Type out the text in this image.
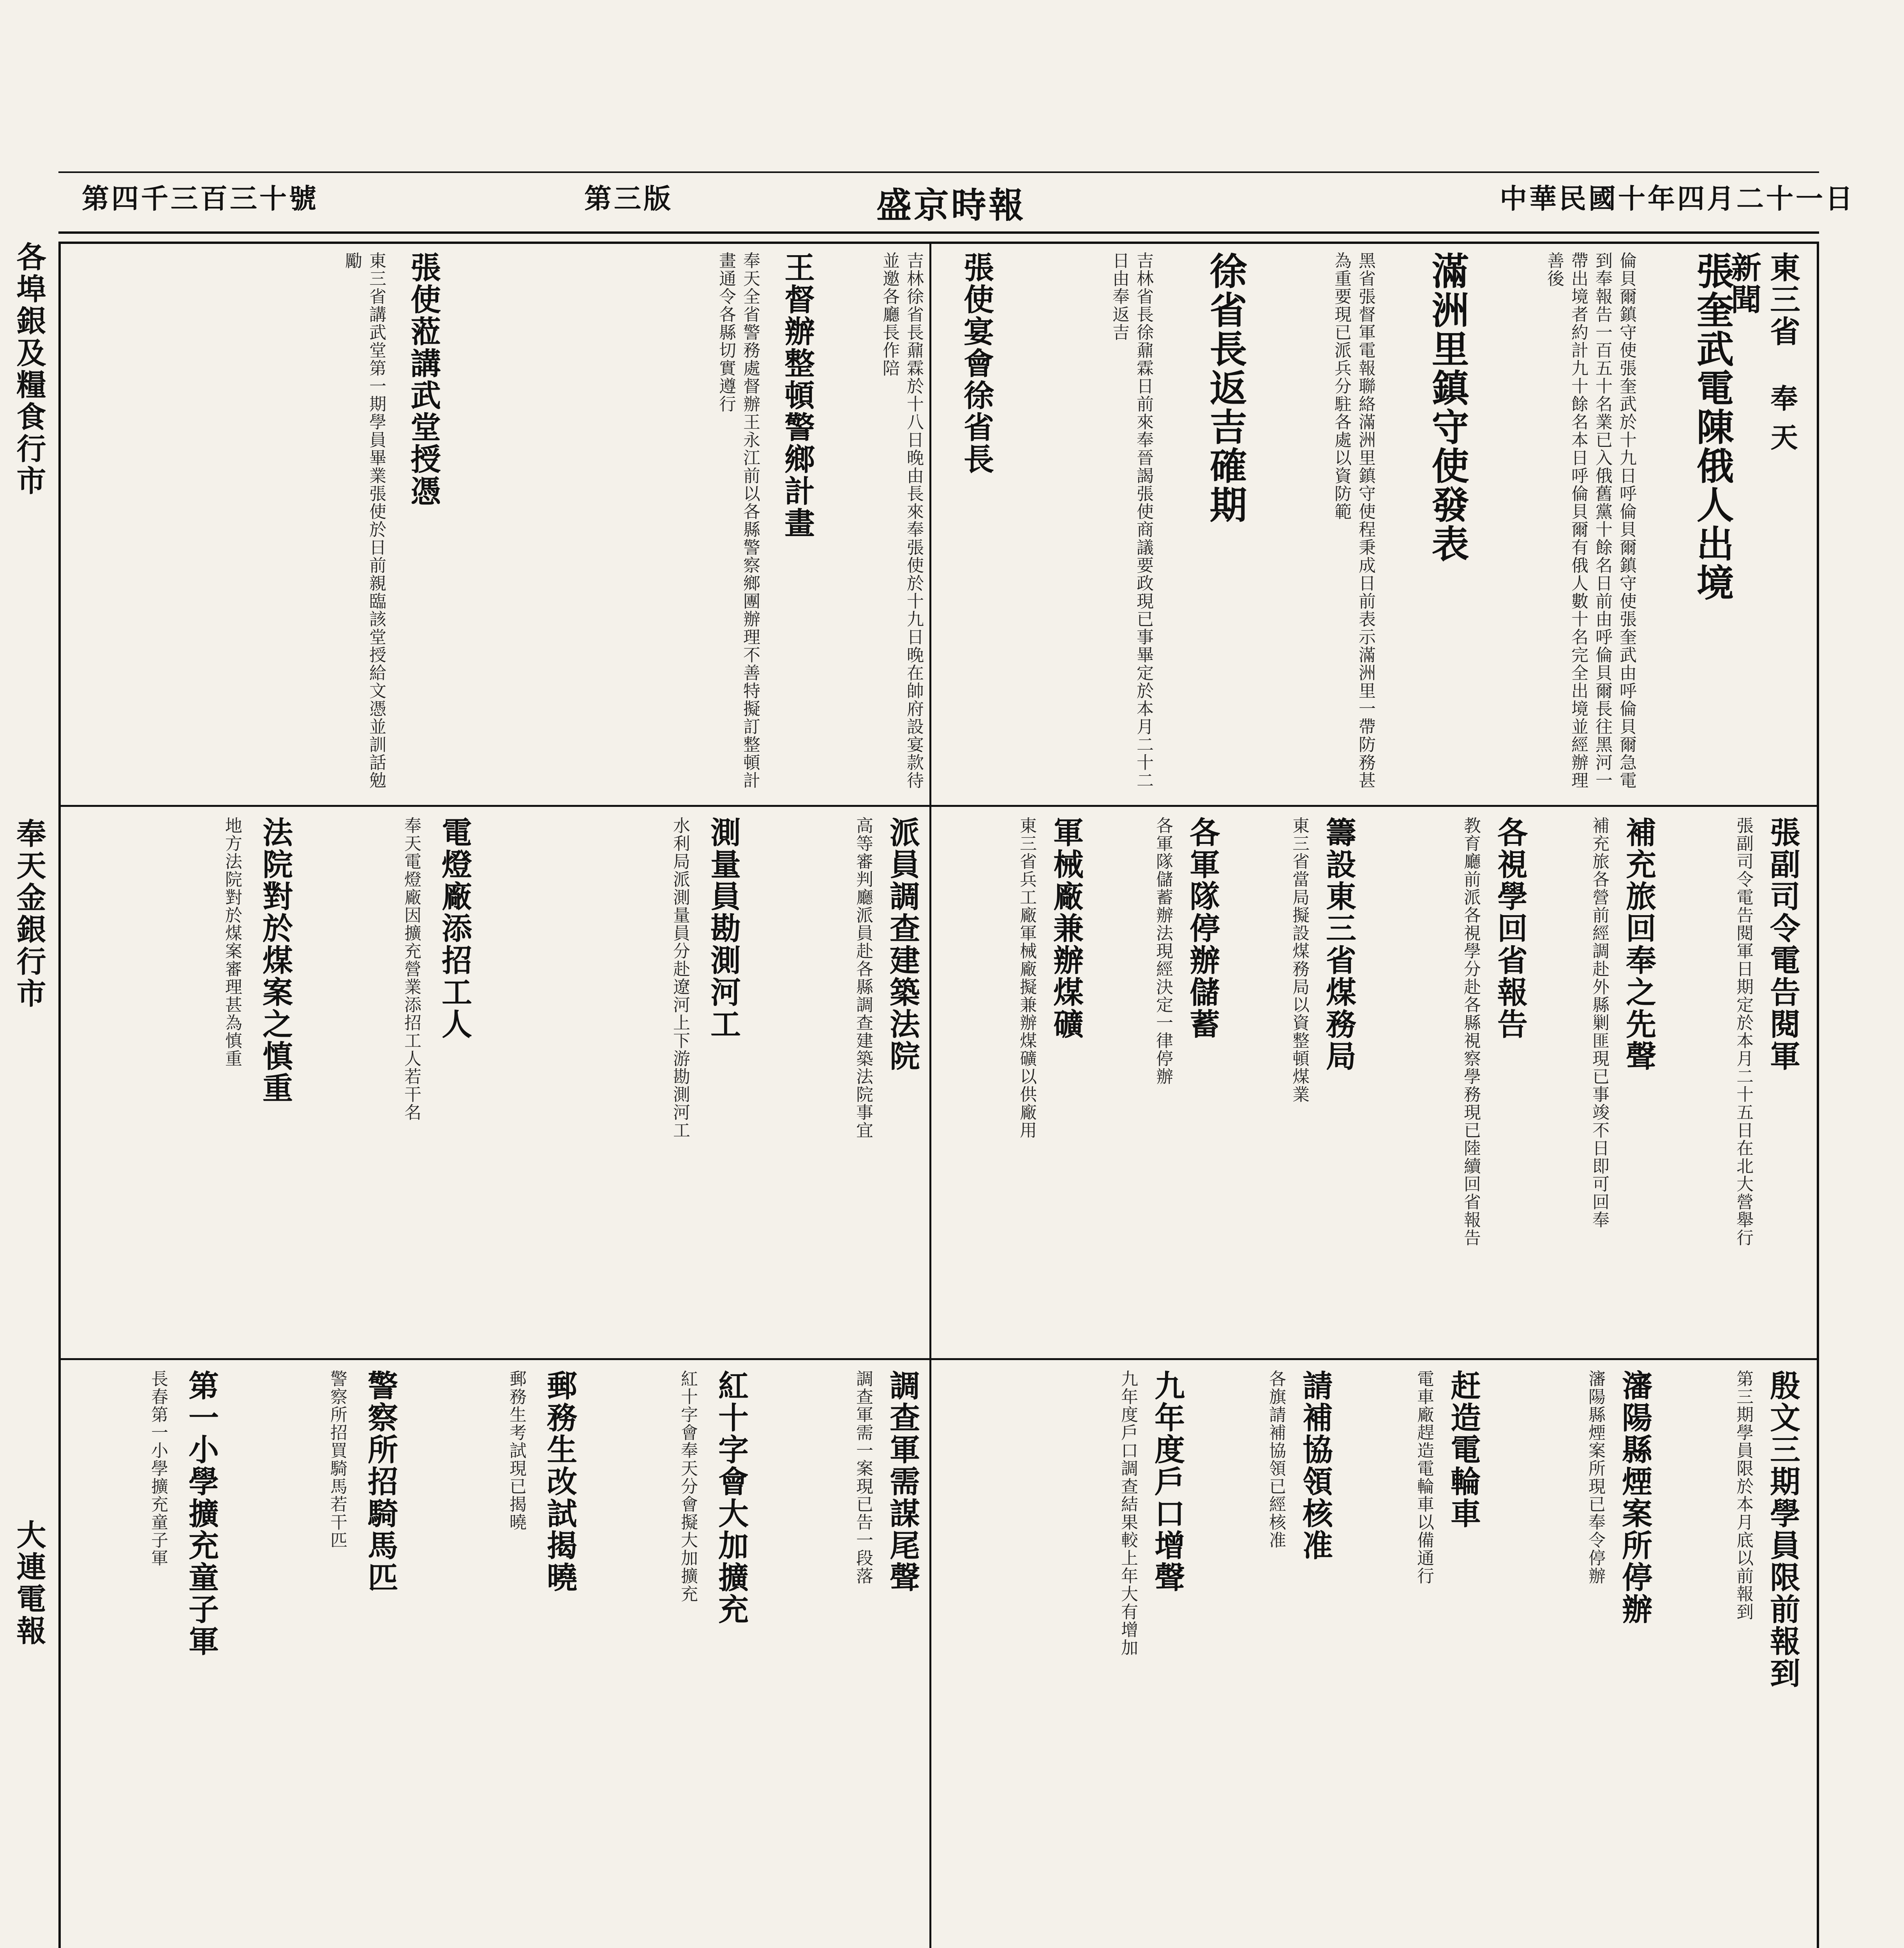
中華民國十年四月二十一日
盛京時報
第三版
第四千三百三十號
各埠銀及糧食行市
奉天金銀行市
大連電報
東三省新聞
奉天
張奎武電陳俄人出境
倫貝爾鎮守使張奎武於十九日呼倫貝爾鎮守使張奎武由呼倫貝爾急電到奉報告一百五十名業已入俄舊黨十餘名日前由呼倫貝爾長往黑河一帶出境者約計九十餘名本日呼倫貝爾有俄人數十名完全出境並經辦理善後
滿洲里鎮守使發表
黑省張督軍電報聯絡滿洲里鎮守使程秉成日前表示滿洲里一帶防務甚為重要現已派兵分駐各處以資防範
徐省長返吉確期
吉林省長徐鼐霖日前來奉晉謁張使商議要政現已事畢定於本月二十二日由奉返吉
張使宴會徐省長
吉林徐省長鼐霖於十八日晚由長來奉張使於十九日晚在帥府設宴款待並邀各廳長作陪
王督辦整頓警鄉計畫
奉天全省警務處督辦王永江前以各縣警察鄉團辦理不善特擬訂整頓計畫通令各縣切實遵行
張使蒞講武堂授憑
東三省講武堂第一期學員畢業張使於日前親臨該堂授給文憑並訓話勉勵
張副司令電告閱軍
張副司令電告閱軍日期定於本月二十五日在北大營舉行
補充旅回奉之先聲
補充旅各營前經調赴外縣剿匪現已事竣不日即可回奉
各視學回省報告
教育廳前派各視學分赴各縣視察學務現已陸續回省報告
籌設東三省煤務局
東三省當局擬設煤務局以資整頓煤業
各軍隊停辦儲蓄
各軍隊儲蓄辦法現經決定一律停辦
軍械廠兼辦煤礦
東三省兵工廠軍械廠擬兼辦煤礦以供廠用
派員調查建築法院
高等審判廳派員赴各縣調查建築法院事宜
測量員勘測河工
水利局派測量員分赴遼河上下游勘測河工
電燈廠添招工人
奉天電燈廠因擴充營業添招工人若干名
法院對於煤案之慎重
地方法院對於煤案審理甚為慎重
殷文三期學員限前報到
第三期學員限於本月底以前報到
瀋陽縣煙案所停辦
瀋陽縣煙案所現已奉令停辦
赶造電輪車
電車廠趕造電輪車以備通行
請補協領核准
各旗請補協領已經核准
九年度戶口增聲
九年度戶口調查結果較上年大有增加
調查軍需謀尾聲
調查軍需一案現已告一段落
紅十字會大加擴充
紅十字會奉天分會擬大加擴充
郵務生改試揭曉
郵務生考試現已揭曉
警察所招騎馬匹
警察所招買騎馬若干匹
第一小學擴充童子軍
長春第一小學擴充童子軍
